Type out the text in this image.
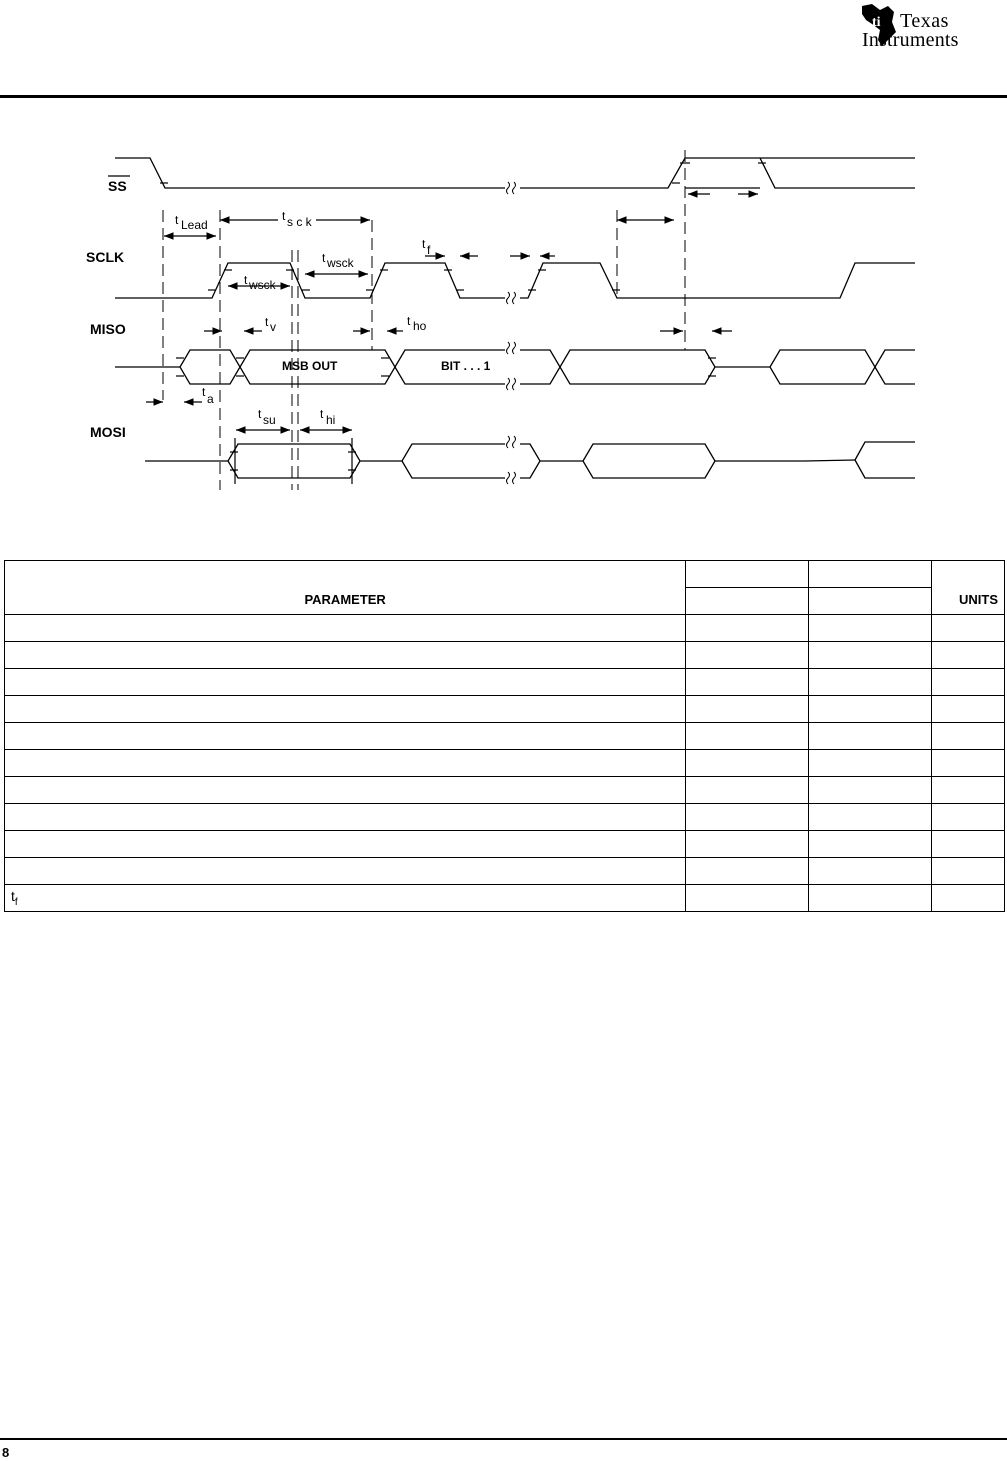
ti Texas
Instruments
SS
SCLK
MISO
MOSI
t Lead
t s c k
t wsck
t wsck
t f
t v	t ho
t a
t su	t hi
MSB OUT	BIT . . . 1
PARAMETER			UNITS

$t_f$			
8
